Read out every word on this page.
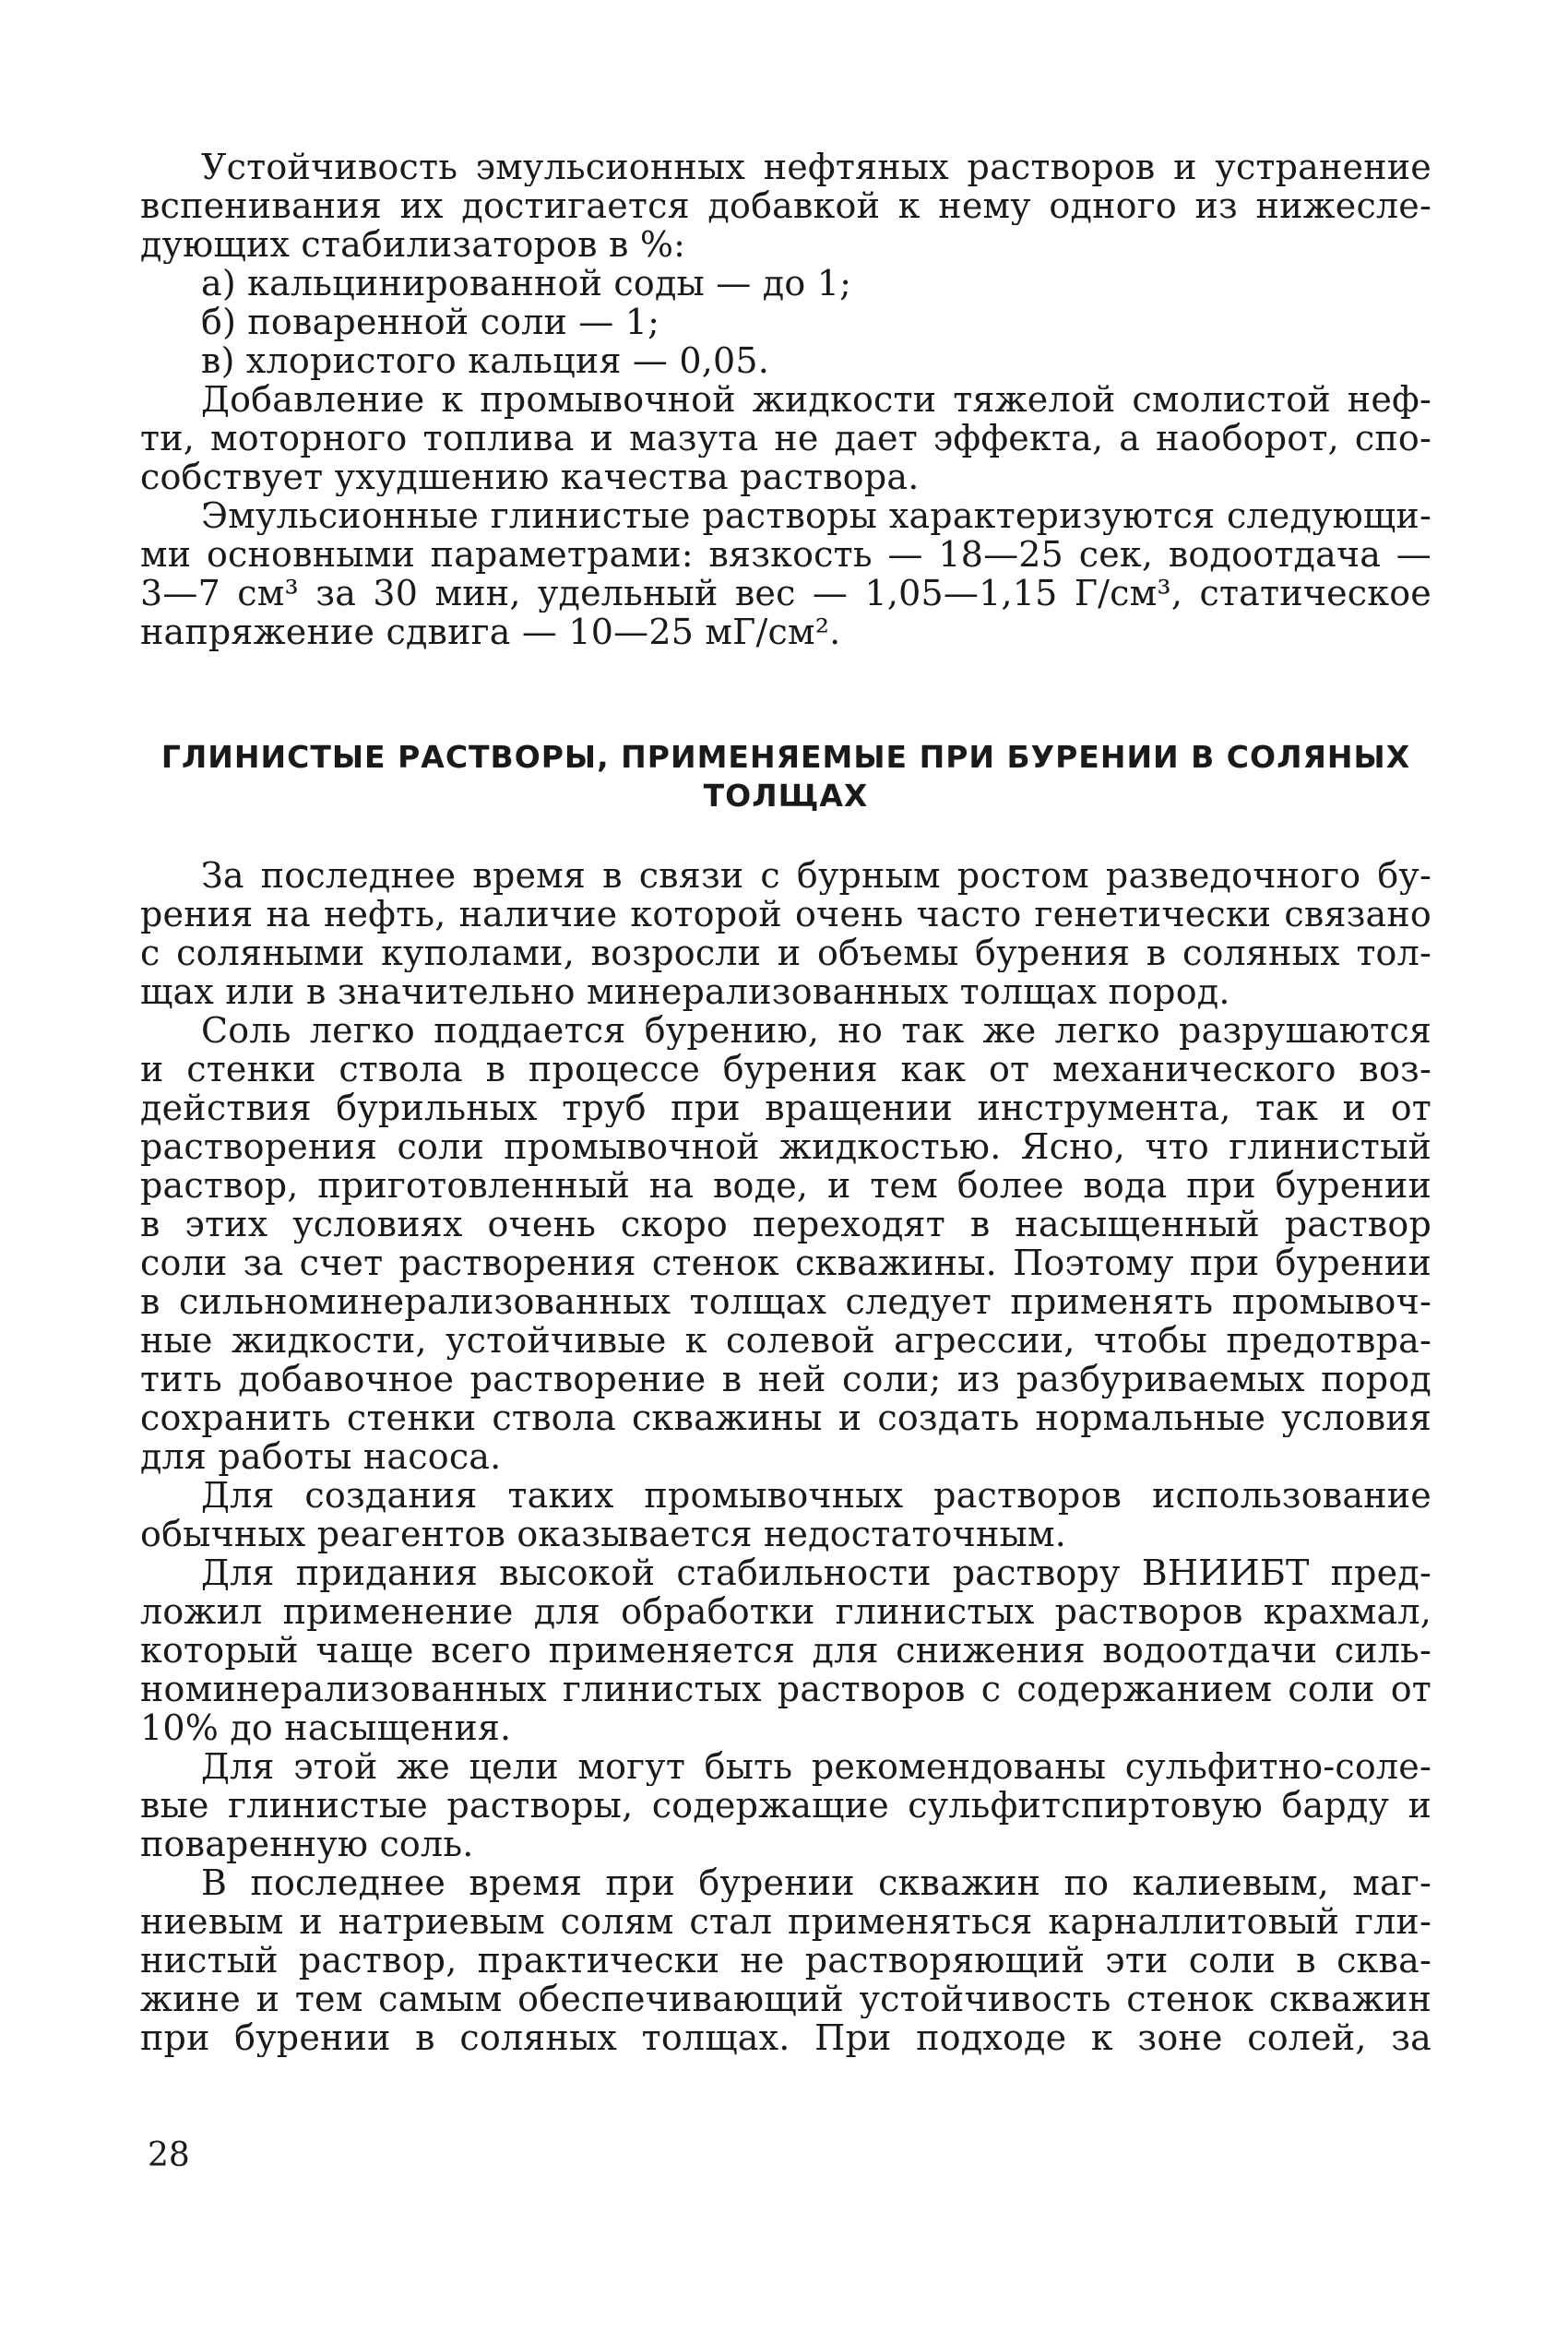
Устойчивость эмульсионных нефтяных растворов и устранение
вспенивания их достигается добавкой к нему одного из нижесле-
дующих стабилизаторов в %:
а) кальцинированной соды — до 1;
б) поваренной соли — 1;
в) хлористого кальция — 0,05.
Добавление к промывочной жидкости тяжелой смолистой неф-
ти, моторного топлива и мазута не дает эффекта, а наоборот, спо-
собствует ухудшению качества раствора.
Эмульсионные глинистые растворы характеризуются следующи-
ми основными параметрами: вязкость — 18—25 сек, водоотдача —
3—7 см³ за 30 мин, удельный вес — 1,05—1,15 Г/см³, статическое
напряжение сдвига — 10—25 мГ/см².
ГЛИНИСТЫЕ РАСТВОРЫ, ПРИМЕНЯЕМЫЕ ПРИ БУРЕНИИ В СОЛЯНЫХ
ТОЛЩАХ
За последнее время в связи с бурным ростом разведочного бу-
рения на нефть, наличие которой очень часто генетически связано
с соляными куполами, возросли и объемы бурения в соляных тол-
щах или в значительно минерализованных толщах пород.
Соль легко поддается бурению, но так же легко разрушаются
и стенки ствола в процессе бурения как от механического воз-
действия бурильных труб при вращении инструмента, так и от
растворения соли промывочной жидкостью. Ясно, что глинистый
раствор, приготовленный на воде, и тем более вода при бурении
в этих условиях очень скоро переходят в насыщенный раствор
соли за счет растворения стенок скважины. Поэтому при бурении
в сильноминерализованных толщах следует применять промывоч-
ные жидкости, устойчивые к солевой агрессии, чтобы предотвра-
тить добавочное растворение в ней соли; из разбуриваемых пород
сохранить стенки ствола скважины и создать нормальные условия
для работы насоса.
Для создания таких промывочных растворов использование
обычных реагентов оказывается недостаточным.
Для придания высокой стабильности раствору ВНИИБТ пред-
ложил применение для обработки глинистых растворов крахмал,
который чаще всего применяется для снижения водоотдачи силь-
номинерализованных глинистых растворов с содержанием соли от
10% до насыщения.
Для этой же цели могут быть рекомендованы сульфитно-соле-
вые глинистые растворы, содержащие сульфитспиртовую барду и
поваренную соль.
В последнее время при бурении скважин по калиевым, маг-
ниевым и натриевым солям стал применяться карналлитовый гли-
нистый раствор, практически не растворяющий эти соли в сква-
жине и тем самым обеспечивающий устойчивость стенок скважин
при бурении в соляных толщах. При подходе к зоне солей, за
28
